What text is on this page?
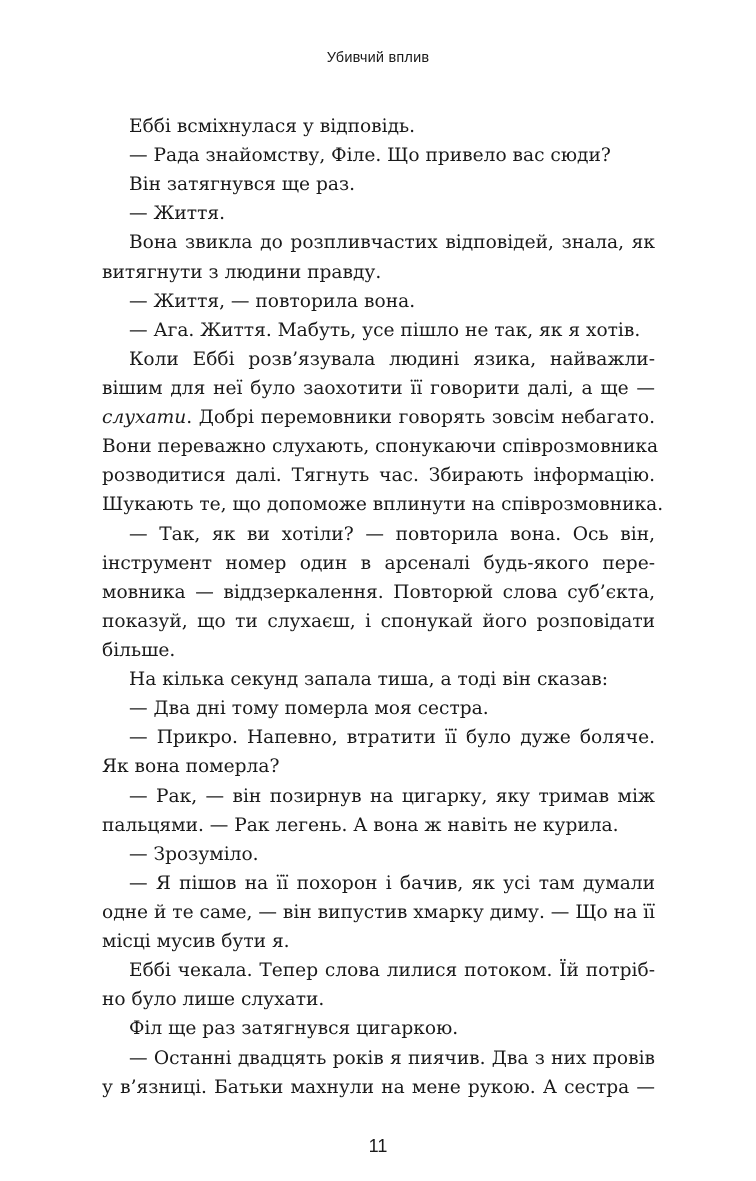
Убивчий вплив
Еббі всміхнулася у відповідь.
— Рада знайомству, Філе. Що привело вас сюди?
Він затягнувся ще раз.
— Життя.
Вона звикла до розпливчастих відповідей, знала, як
витягнути з людини правду.
— Життя, — повторила вона.
— Ага. Життя. Мабуть, усе пішло не так, як я хотів.
Коли Еббі розв’язувала людині язика, найважли-
вішим для неї було заохотити її говорити далі, а ще —
слухати. Добрі перемовники говорять зовсім небагато.
Вони переважно слухають, спонукаючи співрозмовника
розводитися далі. Тягнуть час. Збирають інформацію.
Шукають те, що допоможе вплинути на співрозмовника.
— Так, як ви хотіли? — повторила вона. Ось він,
інструмент номер один в арсеналі будь-якого пере-
мовника — віддзеркалення. Повторюй слова суб’єкта,
показуй, що ти слухаєш, і спонукай його розповідати
більше.
На кілька секунд запала тиша, а тоді він сказав:
— Два дні тому померла моя сестра.
— Прикро. Напевно, втратити її було дуже боляче.
Як вона померла?
— Рак, — він позирнув на цигарку, яку тримав між
пальцями. — Рак легень. А вона ж навіть не курила.
— Зрозуміло.
— Я пішов на її похорон і бачив, як усі там думали
одне й те саме, — він випустив хмарку диму. — Що на її
місці мусив бути я.
Еббі чекала. Тепер слова лилися потоком. Їй потріб-
но було лише слухати.
Філ ще раз затягнувся цигаркою.
— Останні двадцять років я пиячив. Два з них провів
у в’язниці. Батьки махнули на мене рукою. А сестра —
11
